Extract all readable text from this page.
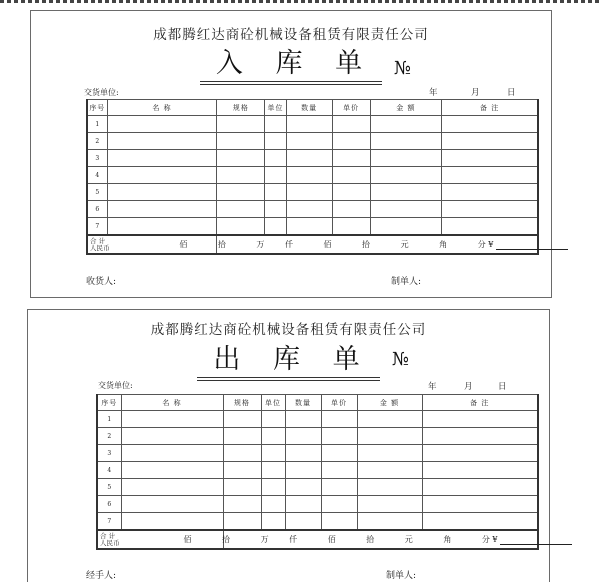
成都腾红达商砼机械设备租赁有限责任公司
入 库 单	№
交货单位:	年	月	日
序号	名 称	规格	单位	数量	单价	金 额	备 注
1							
2							
3							
4							
5							
6							
7							

合 计
人民币		佰 拾 万 仟 佰 拾 元 角 分 ¥					
收货人:	制单人:
成都腾红达商砼机械设备租赁有限责任公司
出 库 单	№
交货单位:	年	月	日
序号	名 称	规格	单位	数量	单价	金 额	备 注
1							
2							
3							
4							
5							
6							
7							

合 计
人民币		佰 拾 万 仟 佰 拾 元 角 分 ¥					
经手人:	制单人:
